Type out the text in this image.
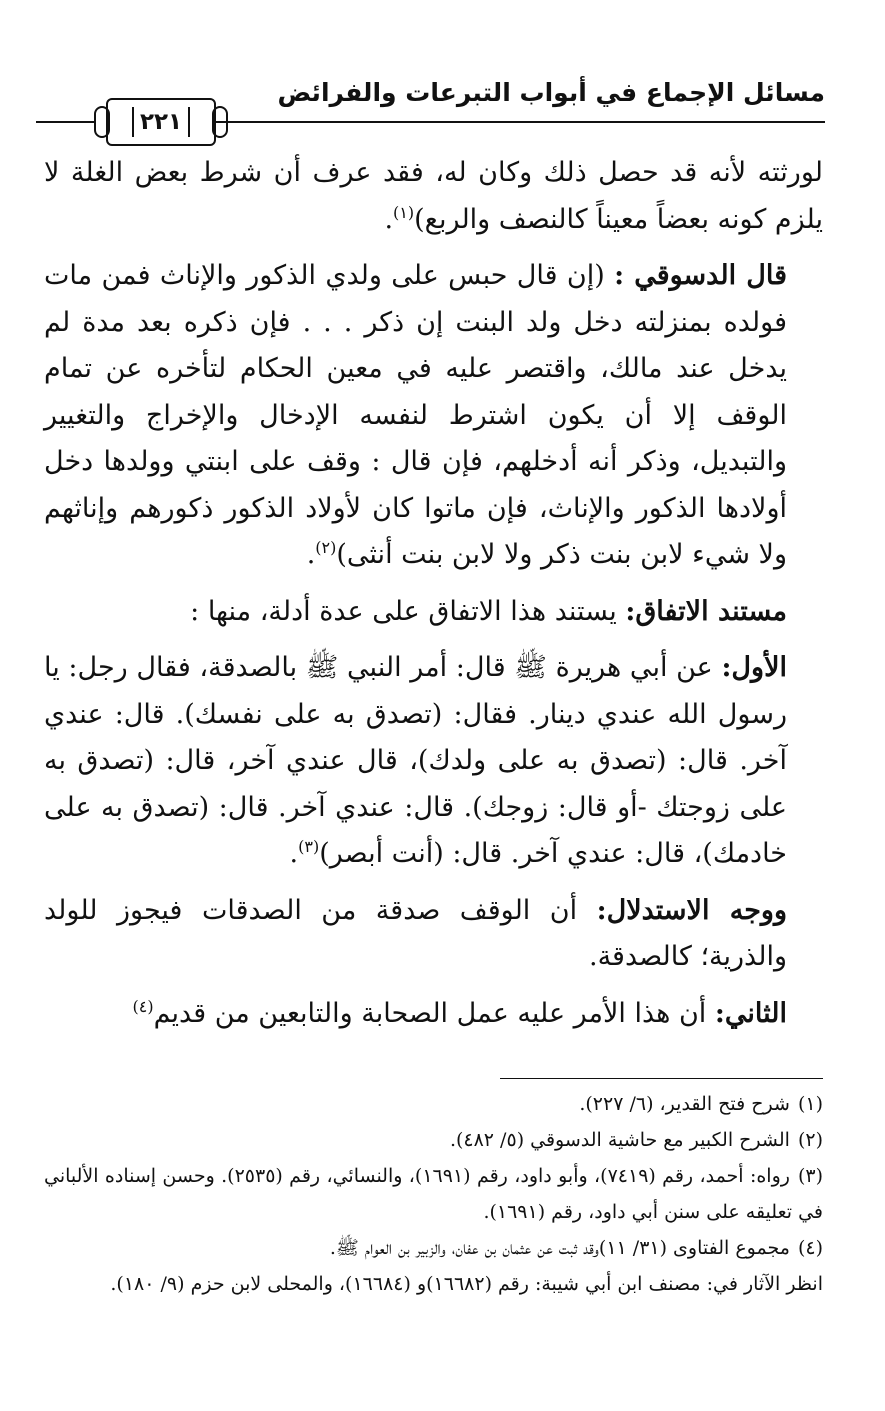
مسائل الإجماع في أبواب التبرعات والفرائض
٢٢١

لورثته لأنه قد حصل ذلك وكان له، فقد عرف أن شرط بعض الغلة لا يلزم كونه بعضاً معيناً كالنصف والربع)$^{(١)}$.

قال الدسوقي : (إن قال حبس على ولدي الذكور والإناث فمن مات فولده بمنزلته دخل ولد البنت إن ذكر . . . فإن ذكره بعد مدة لم يدخل عند مالك، واقتصر عليه في معين الحكام لتأخره عن تمام الوقف إلا أن يكون اشترط لنفسه الإدخال والإخراج والتغيير والتبديل، وذكر أنه أدخلهم، فإن قال : وقف على ابنتي وولدها دخل أولادها الذكور والإناث، فإن ماتوا كان لأولاد الذكور ذكورهم وإناثهم ولا شيء لابن بنت ذكر ولا لابن بنت أنثى)$^{(٢)}$.

مستند الاتفاق: يستند هذا الاتفاق على عدة أدلة، منها :

الأول: عن أبي هريرة ﷺ قال: أمر النبي ﷺ بالصدقة، فقال رجل: يا رسول الله عندي دينار. فقال: (تصدق به على نفسك). قال: عندي آخر. قال: (تصدق به على ولدك)، قال عندي آخر، قال: (تصدق به على زوجتك -أو قال: زوجك). قال: عندي آخر. قال: (تصدق به على خادمك)، قال: عندي آخر. قال: (أنت أبصر)$^{(٣)}$.

ووجه الاستدلال: أن الوقف صدقة من الصدقات فيجوز للولد والذرية؛ كالصدقة.

الثاني: أن هذا الأمر عليه عمل الصحابة والتابعين من قديم$^{(٤)}$

(١)شرح فتح القدير، (٦/ ٢٢٧).

(٢)الشرح الكبير مع حاشية الدسوقي (٥/ ٤٨٢).

(٣)رواه: أحمد، رقم (٧٤١٩)، وأبو داود، رقم (١٦٩١)، والنسائي، رقم (٢٥٣٥). وحسن إسناده الألباني في تعليقه على سنن أبي داود، رقم (١٦٩١).

(٤)مجموع الفتاوى (٣١/ ١١)وقد ثبت عن عثمان بن عفان، والزبير بن العوام ﷺ.

انظر الآثار في: مصنف ابن أبي شيبة: رقم (١٦٦٨٢)و (١٦٦٨٤)، والمحلى لابن حزم (٩/ ١٨٠).
